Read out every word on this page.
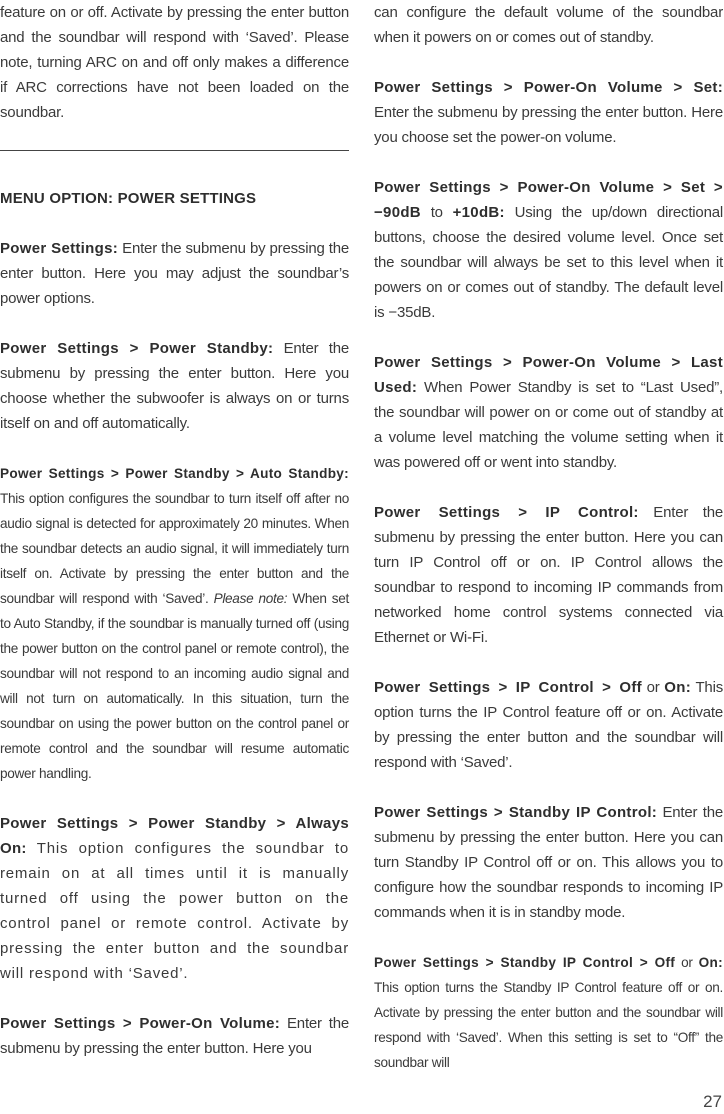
feature on or off. Activate by pressing the enter button and the soundbar will respond with ‘Saved’. Please note, turning ARC on and off only makes a difference if ARC corrections have not been loaded on the soundbar.

MENU OPTION: POWER SETTINGS

Power Settings: Enter the submenu by pressing the enter button. Here you may adjust the soundbar’s power options.

Power Settings > Power Standby: Enter the submenu by pressing the enter button. Here you choose whether the subwoofer is always on or turns itself on and off automatically.

Power Settings > Power Standby > Auto Standby: This option configures the soundbar to turn itself off after no audio signal is detected for approximately 20 minutes. When the soundbar detects an audio signal, it will immediately turn itself on. Activate by pressing the enter button and the soundbar will respond with ‘Saved’. Please note: When set to Auto Standby, if the soundbar is manually turned off (using the power button on the control panel or remote control), the soundbar will not respond to an incoming audio signal and will not turn on automatically. In this situation, turn the soundbar on using the power button on the control panel or remote control and the soundbar will resume automatic power handling.

Power Settings > Power Standby > Always On: This option configures the soundbar to remain on at all times until it is manually turned off using the power button on the control panel or remote control. Activate by pressing the enter button and the soundbar will respond with ‘Saved’.

Power Settings > Power-On Volume: Enter the submenu by pressing the enter button. Here you

can configure the default volume of the soundbar when it powers on or comes out of standby.

Power Settings > Power-On Volume > Set: Enter the submenu by pressing the enter button. Here you choose set the power-on volume.

Power Settings > Power-On Volume > Set > −90dB to +10dB: Using the up/down directional buttons, choose the desired volume level. Once set the soundbar will always be set to this level when it powers on or comes out of standby. The default level is −35dB.

Power Settings > Power-On Volume > Last Used: When Power Standby is set to “Last Used”, the soundbar will power on or come out of standby at a volume level matching the volume setting when it was powered off or went into standby.

Power Settings > IP Control: Enter the submenu by pressing the enter button. Here you can turn IP Control off or on. IP Control allows the soundbar to respond to incoming IP commands from networked home control systems connected via Ethernet or Wi-Fi.

Power Settings > IP Control > Off or On: This option turns the IP Control feature off or on. Activate by pressing the enter button and the soundbar will respond with ‘Saved’.

Power Settings > Standby IP Control: Enter the submenu by pressing the enter button. Here you can turn Standby IP Control off or on. This allows you to configure how the soundbar responds to incoming IP commands when it is in standby mode.

Power Settings > Standby IP Control > Off or On: This option turns the Standby IP Control feature off or on. Activate by pressing the enter button and the soundbar will respond with ‘Saved’. When this setting is set to “Off” the soundbar will

27
